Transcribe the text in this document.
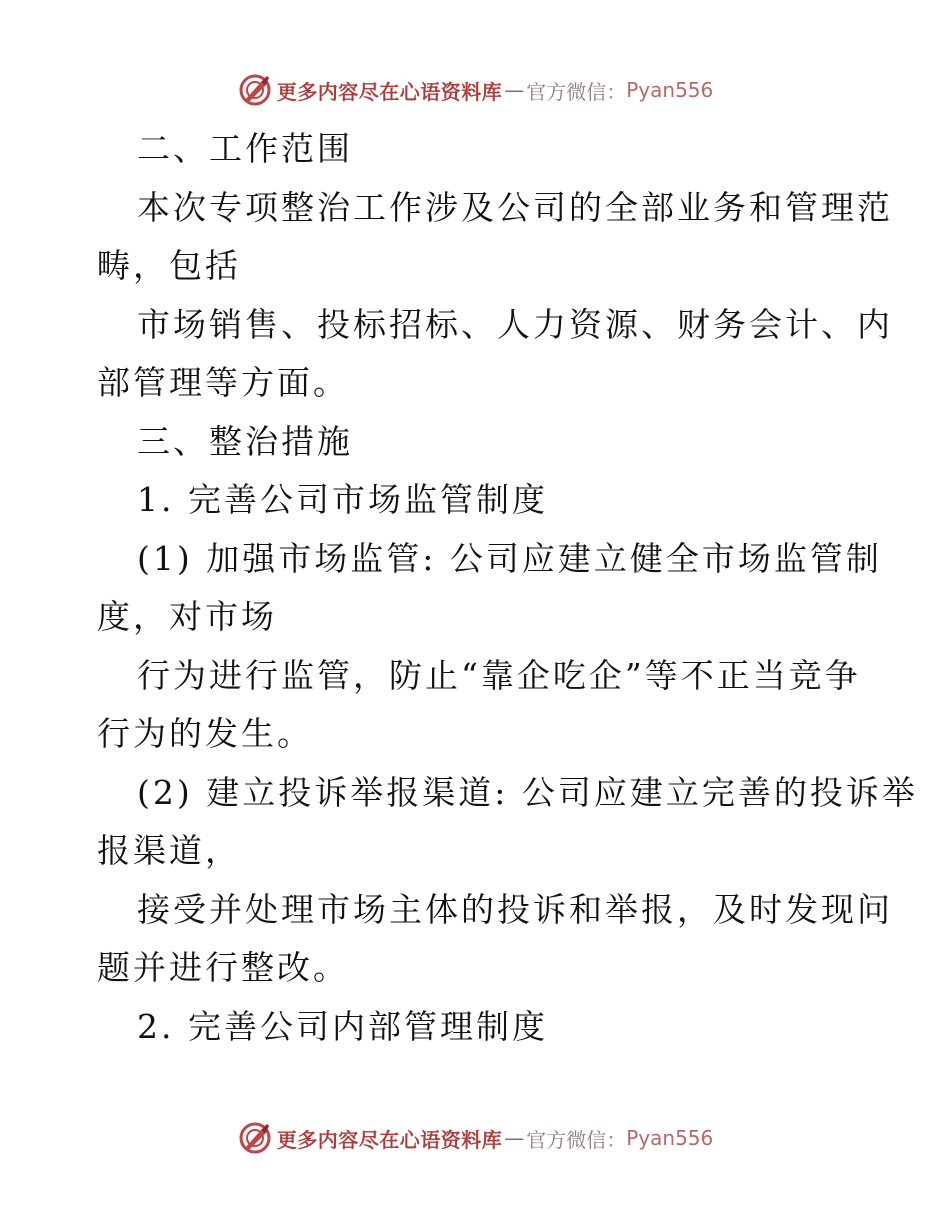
更多内容尽在心语资料库 — 官方微信： Pyan556
二、工作范围
本次专项整治工作涉及公司的全部业务和管理范
畴，包括
市场销售、投标招标、人力资源、财务会计、内
部管理等方面。
三、整治措施
1. 完善公司市场监管制度
(1) 加强市场监管: 公司应建立健全市场监管制
度，对市场
行为进行监管，防止“靠企吃企”等不正当竞争
行为的发生。
(2) 建立投诉举报渠道: 公司应建立完善的投诉举
报渠道，
接受并处理市场主体的投诉和举报，及时发现问
题并进行整改。
2. 完善公司内部管理制度
更多内容尽在心语资料库 — 官方微信： Pyan556
